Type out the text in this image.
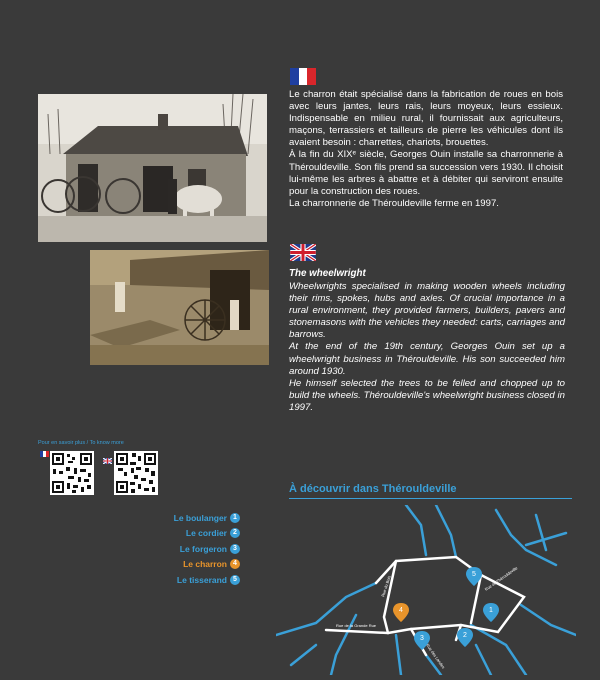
Le charron était spécialisé dans la fabrication de roues en bois avec leurs jantes, leurs rais, leurs moyeux, leurs essieux. Indispensable en milieu rural, il fournissait aux agriculteurs, maçons, terrassiers et tailleurs de pierre les véhicules dont ils avaient besoin : charrettes, chariots, brouettes.

À la fin du XIXᵉ siècle, Georges Ouin installe sa charronnerie à Thérouldeville. Son fils prend sa succession vers 1930. Il choisit lui-même les arbres à abattre et à débiter qui serviront ensuite pour la construction des roues.

La charronnerie de Thérouldeville ferme en 1997.

The wheelwright

Wheelwrights specialised in making wooden wheels including their rims, spokes, hubs and axles. Of crucial importance in a rural environment, they provided farmers, builders, pavers and stonemasons with the vehicles they needed: carts, carriages and barrows.

At the end of the 19th century, Georges Ouin set up a wheelwright business in Thérouldeville. His son succeeded him around 1930.

He himself selected the trees to be felled and chopped up to build the wheels. Thérouldeville's wheelwright business closed in 1997.

Pour en savoir plus / To know more
À découvrir dans Thérouldeville
Le boulanger 1
Le cordier 2
Le forgeron 3
Le charron 4
Le tisserand 5	Rue du Bois
Rue de la Grande Rue
Rue de Thérouldeville
Rue des Landes
5
1
4
3	2
